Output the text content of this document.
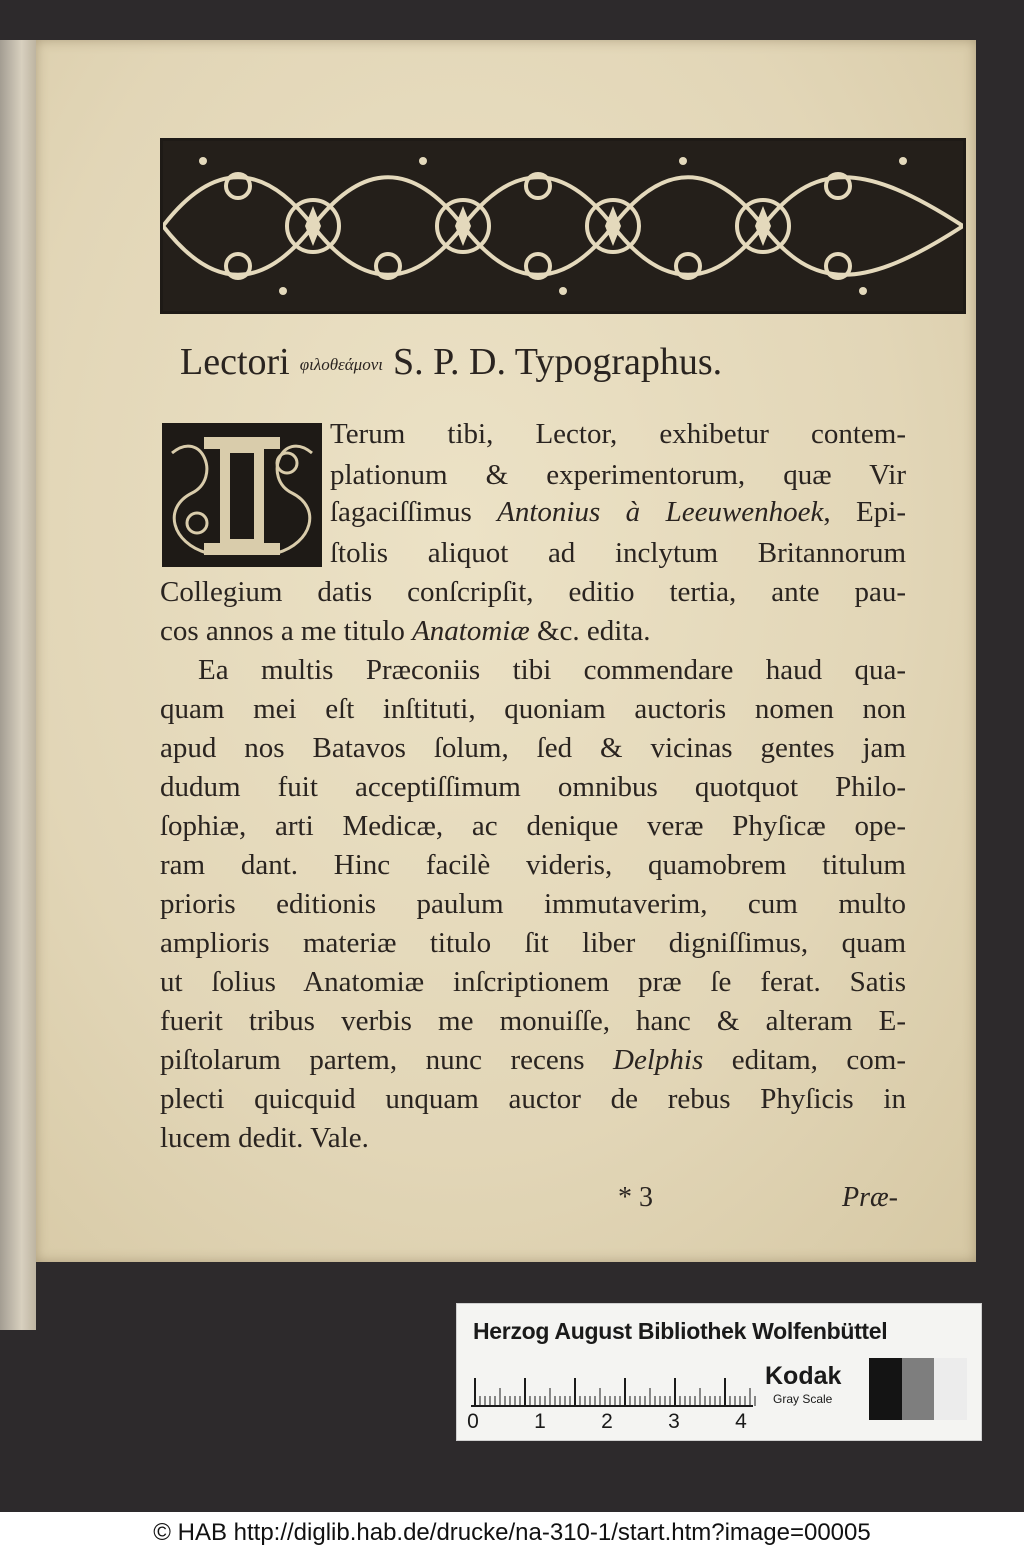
Lectori φιλοθεάμονι S. P. D. Typographus.
Terum tibi, Lector, exhibetur contem-
plationum & experimentorum, quæ Vir
ſagaciſſimus Antonius à Leeuwenhoek, Epi-
ſtolis aliquot ad inclytum Britannorum
Collegium datis conſcripſit, editio tertia, ante pau-
cos annos a me titulo Anatomiæ &c. edita.
Ea multis Præconiis tibi commendare haud qua-
quam mei eſt inſtituti, quoniam auctoris nomen non
apud nos Batavos ſolum, ſed & vicinas gentes jam
dudum fuit acceptiſſimum omnibus quotquot Philo-
ſophiæ, arti Medicæ, ac denique veræ Phyſicæ ope-
ram dant. Hinc facilè videris, quamobrem titulum
prioris editionis paulum immutaverim, cum multo
amplioris materiæ titulo ſit liber digniſſimus, quam
ut ſolius Anatomiæ inſcriptionem præ ſe ferat. Satis
fuerit tribus verbis me monuiſſe, hanc & alteram E-
piſtolarum partem, nunc recens Delphis editam, com-
plecti quicquid unquam auctor de rebus Phyſicis in
lucem dedit. Vale.
* 3	Præ-
Herzog August Bibliothek Wolfenbüttel
0	1	2	3	4
Kodak
Gray Scale
© HAB http://diglib.hab.de/drucke/na-310-1/start.htm?image=00005
